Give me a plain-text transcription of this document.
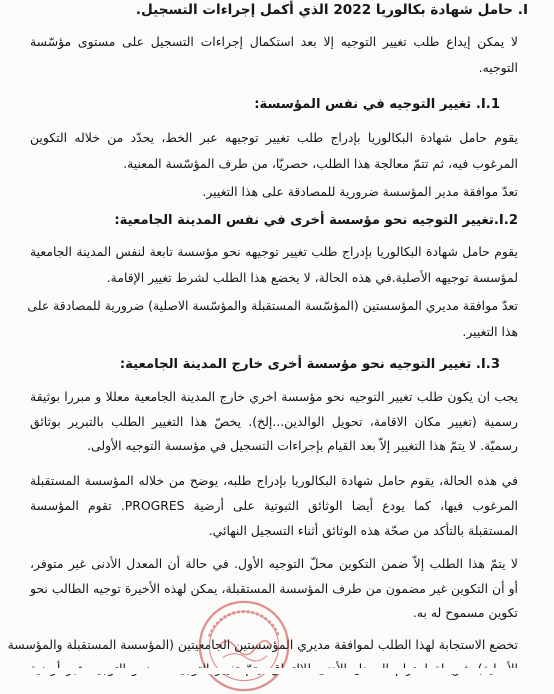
I. حامل شهادة بكالوريا 2022 الذي أكمل إجراءات التسجيل.
لا يمكن إيداع طلب تغيير التوجيه إلا بعد استكمال إجراءات التسجيل على مستوى مؤسّسة
التوجيه.
1.I. تغيير التوجيه في نفس المؤسسة:
يقوم حامل شهادة البكالوريا بإدراج طلب تغيير توجيهه عبر الخط، يحدّد من خلاله التكوين
المرغوب فيه، ثم تتمّ معالجة هذا الطلب، حصريّا، من طرف المؤسّسة المعنية.
تعدّ موافقة مدير المؤسسة ضرورية للمصادقة على هذا التغيير.
2.I.تغيير التوجيه نحو مؤسسة أخرى في نفس المدينة الجامعية:
يقوم حامل شهادة البكالوريا بإدراج طلب تغيير توجيهه نحو مؤسسة تابعة لنفس المدينة الجامعية
لمؤسسة توجيهه الأصلية.في هذه الحالة، لا يخضع هذا الطلب لشرط تغيير الإقامة.
تعدّ موافقة مديري المؤسستين (المؤسّسة المستقبلة والمؤسّسة الاصلية) ضرورية للمصادقة على
هذا التغيير.
3.I. تغيير التوجيه نحو مؤسسة أخرى خارج المدينة الجامعية:
يجب ان يكون طلب تغيير التوجيه نحو مؤسسة اخري خارج المدينة الجامعية معللا و مبررا بوثيقة
رسمية (تغيير مكان الاقامة، تحويل الوالدين...إلخ). يخصّ هذا التغيير الطلب بالتبرير بوثائق
رسميّة. لا يتمّ هذا التغيير إلاّ بعد القيام بإجراءات التسجيل في مؤسسة التوجيه الأولى.
في هذه الحالة، يقوم حامل شهادة البكالوريا بإدراج طلبه، يوضح من خلاله المؤسسة المستقبلة
المرغوب فيها، كما يودع أيضا الوثائق الثبوتية على أرضية PROGRES. تقوم المؤسسة
المستقبلة بالتأكد من صحّة هذه الوثائق أثناء التسجيل النهائي.
لا يتمّ هذا الطلب إلاّ ضمن التكوين محلّ التوجيه الأول. في حالة أن المعدل الأدنى غير متوفر،
أو أن التكوين غير مضمون من طرف المؤسسة المستقبلة، يمكن لهذه الأخيرة توجيه الطالب نحو
تكوين مسموح له به.
تخضع الاستجابة لهذا الطلب لموافقة مديري المؤسستين الجامعيتين (المؤسسة المستقبلة والمؤسسة
